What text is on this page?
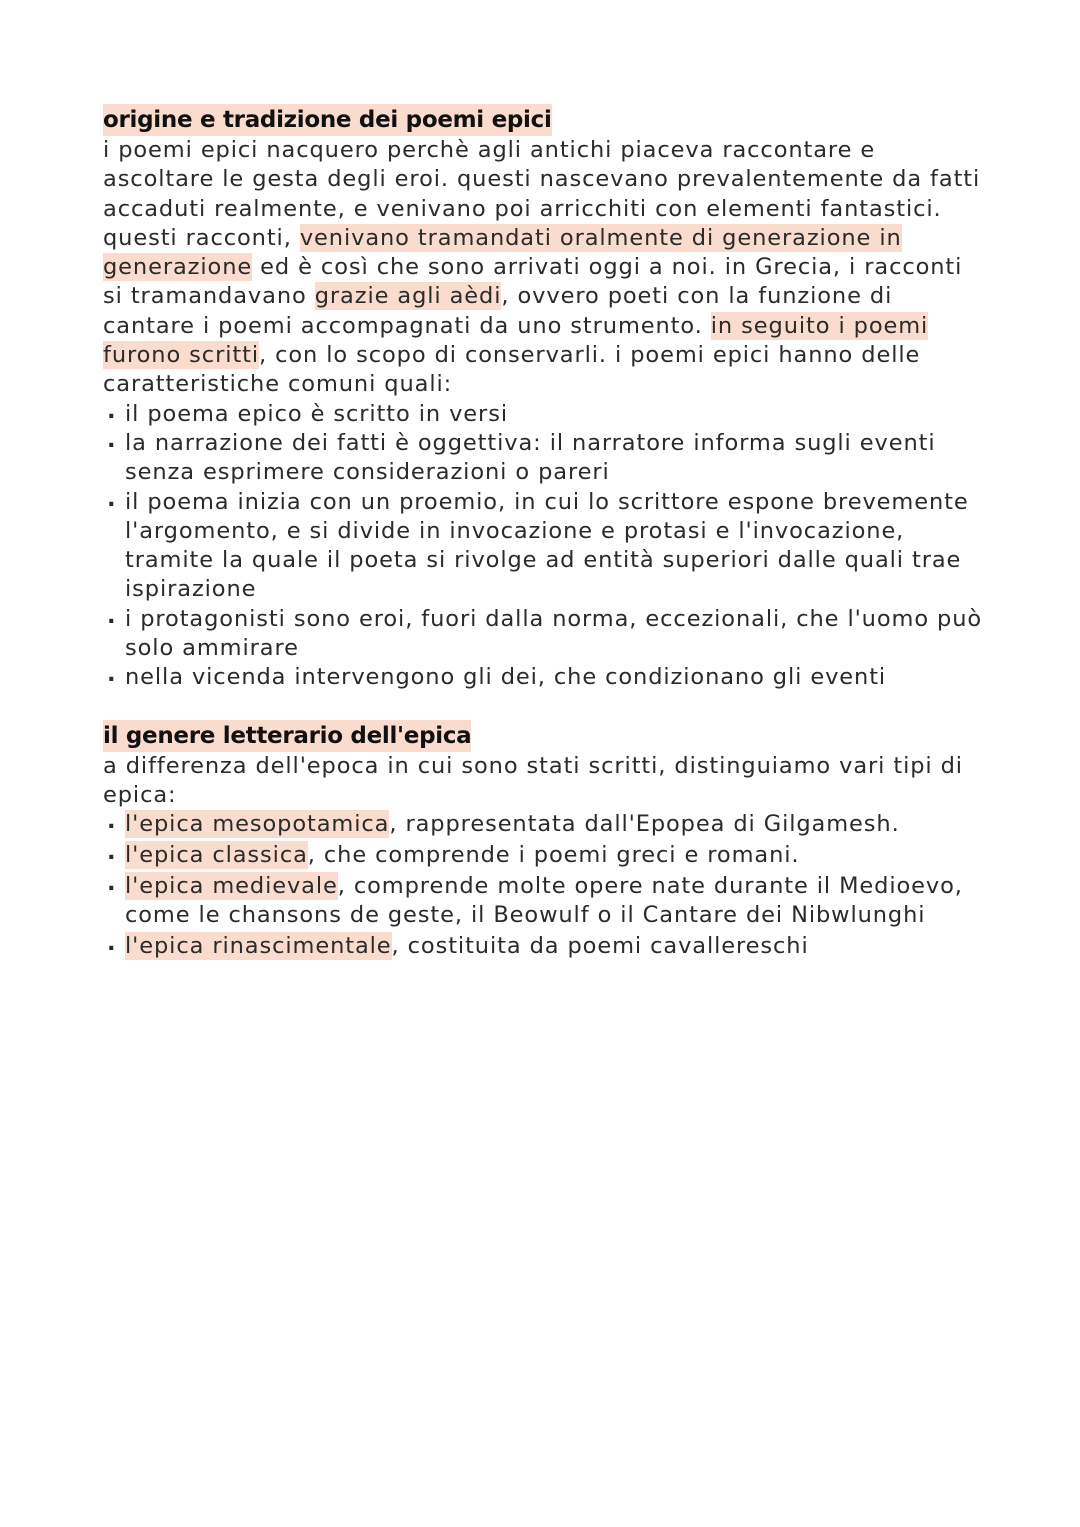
origine e tradizione dei poemi epici

i poemi epici nacquero perchè agli antichi piaceva raccontare e ascoltare le gesta degli eroi. questi nascevano prevalentemente da fatti accaduti realmente, e venivano poi arricchiti con elementi fantastici. questi racconti, venivano tramandati oralmente di generazione in generazione ed è così che sono arrivati oggi a noi. in Grecia, i racconti si tramandavano grazie agli aèdi, ovvero poeti con la funzione di cantare i poemi accompagnati da uno strumento. in seguito i poemi furono scritti, con lo scopo di conservarli. i poemi epici hanno delle caratteristiche comuni quali:

. il poema epico è scritto in versi
. la narrazione dei fatti è oggettiva: il narratore informa sugli eventi senza esprimere considerazioni o pareri
. il poema inizia con un proemio, in cui lo scrittore espone brevemente l'argomento, e si divide in invocazione e protasi e l'invocazione, tramite la quale il poeta si rivolge ad entità superiori dalle quali trae ispirazione
. i protagonisti sono eroi, fuori dalla norma, eccezionali, che l'uomo può solo ammirare
. nella vicenda intervengono gli dei, che condizionano gli eventi
il genere letterario dell'epica

a differenza dell'epoca in cui sono stati scritti, distinguiamo vari tipi di epica:

. l'epica mesopotamica, rappresentata dall'Epopea di Gilgamesh.
. l'epica classica, che comprende i poemi greci e romani.
. l'epica medievale, comprende molte opere nate durante il Medioevo, come le chansons de geste, il Beowulf o il Cantare dei Nibwlunghi
. l'epica rinascimentale, costituita da poemi cavallereschi
